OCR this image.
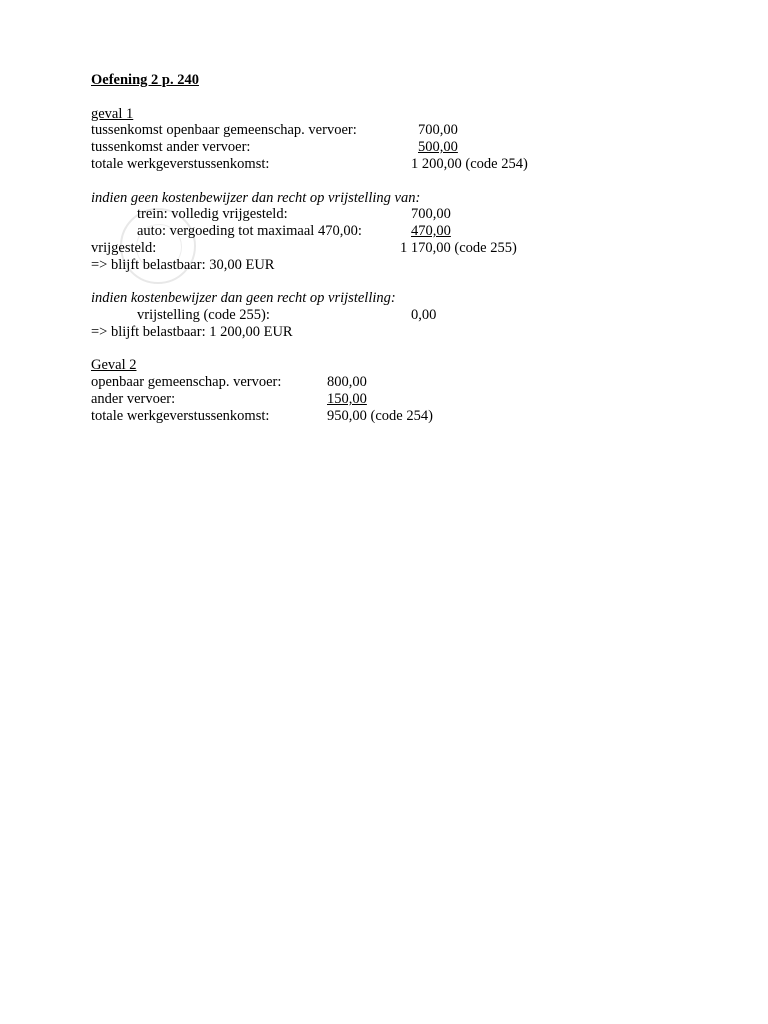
Oefening 2 p. 240
geval 1
tussenkomst openbaar gemeenschap. vervoer:	700,00
tussenkomst ander vervoer:	500,00
totale werkgeverstussenkomst:	1 200,00 (code 254)
indien geen kostenbewijzer dan recht op vrijstelling van:
trein: volledig vrijgesteld:	700,00
auto: vergoeding tot maximaal 470,00:	470,00
vrijgesteld:	1 170,00 (code 255)
=> blijft belastbaar: 30,00 EUR
indien kostenbewijzer dan geen recht op vrijstelling:
vrijstelling (code 255):	0,00
=> blijft belastbaar: 1 200,00 EUR
Geval 2
openbaar gemeenschap. vervoer:	800,00
ander vervoer:	150,00
totale werkgeverstussenkomst:	950,00 (code 254)
